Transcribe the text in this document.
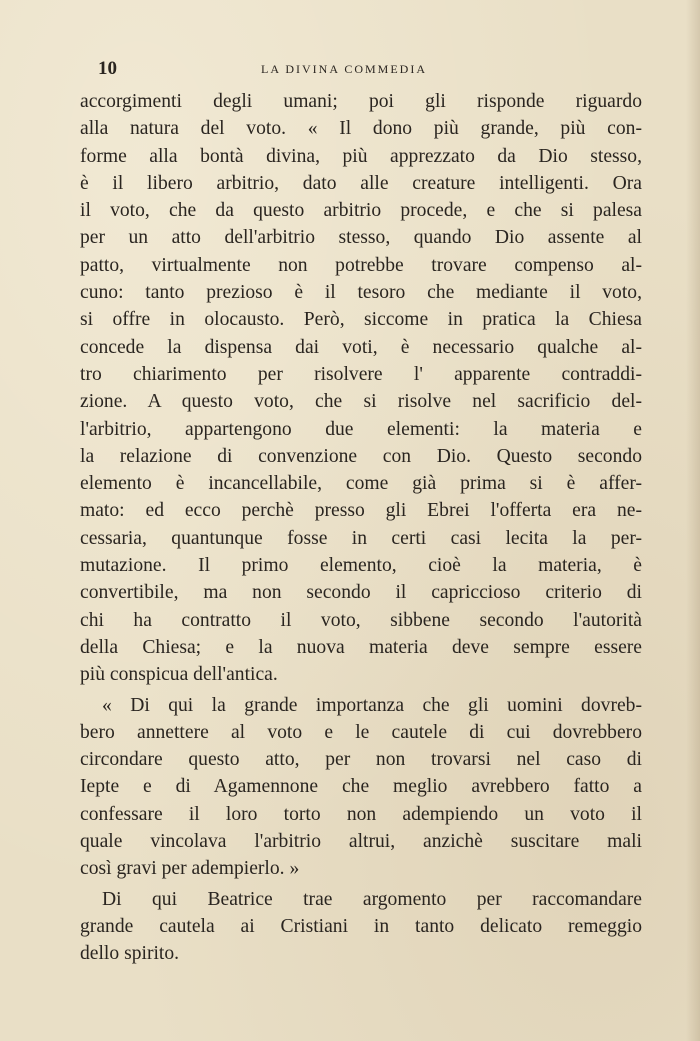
10	LA DIVINA COMMEDIA
accorgimenti degli umani; poi gli risponde riguardo
alla natura del voto. « Il dono più grande, più con-
forme alla bontà divina, più apprezzato da Dio stesso,
è il libero arbitrio, dato alle creature intelligenti. Ora
il voto, che da questo arbitrio procede, e che si palesa
per un atto dell'arbitrio stesso, quando Dio assente al
patto, virtualmente non potrebbe trovare compenso al-
cuno: tanto prezioso è il tesoro che mediante il voto,
si offre in olocausto. Però, siccome in pratica la Chiesa
concede la dispensa dai voti, è necessario qualche al-
tro chiarimento per risolvere l' apparente contraddi-
zione. A questo voto, che si risolve nel sacrificio del-
l'arbitrio, appartengono due elementi: la materia e
la relazione di convenzione con Dio. Questo secondo
elemento è incancellabile, come già prima si è affer-
mato: ed ecco perchè presso gli Ebrei l'offerta era ne-
cessaria, quantunque fosse in certi casi lecita la per-
mutazione. Il primo elemento, cioè la materia, è
convertibile, ma non secondo il capriccioso criterio di
chi ha contratto il voto, sibbene secondo l'autorità
della Chiesa; e la nuova materia deve sempre essere
più conspicua dell'antica.
« Di qui la grande importanza che gli uomini dovreb-
bero annettere al voto e le cautele di cui dovrebbero
circondare questo atto, per non trovarsi nel caso di
Iepte e di Agamennone che meglio avrebbero fatto a
confessare il loro torto non adempiendo un voto il
quale vincolava l'arbitrio altrui, anzichè suscitare mali
così gravi per adempierlo. »
Di qui Beatrice trae argomento per raccomandare
grande cautela ai Cristiani in tanto delicato remeggio
dello spirito.
